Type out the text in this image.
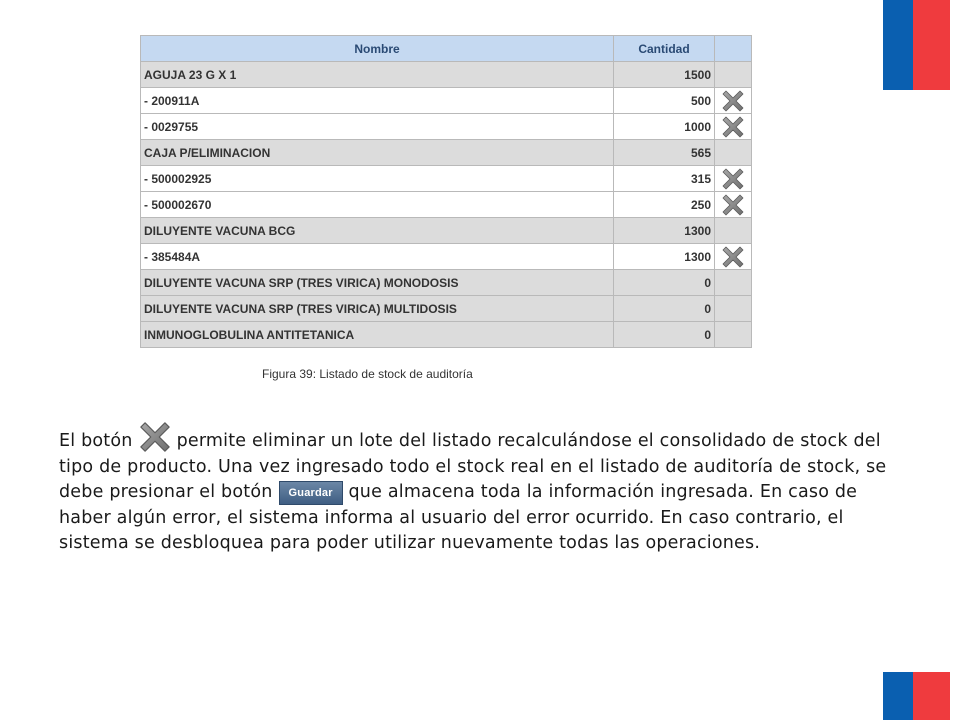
Nombre	Cantidad	
AGUJA 23 G X 1	1500	
- 200911A	500	
- 0029755	1000	
CAJA P/ELIMINACION	565	
- 500002925	315	
- 500002670	250	
DILUYENTE VACUNA BCG	1300	
- 385484A	1300	
DILUYENTE VACUNA SRP (TRES VIRICA) MONODOSIS	0	
DILUYENTE VACUNA SRP (TRES VIRICA) MULTIDOSIS	0	
INMUNOGLOBULINA ANTITETANICA	0	
Figura 39: Listado de stock de auditoría
El botón	permite eliminar un lote del listado recalculándose el consolidado de stock del tipo de producto. Una vez ingresado todo el stock real en el listado de auditoría de stock, se debe presionar el botón Guardar que almacena toda la información ingresada. En caso de haber algún error, el sistema informa al usuario del error ocurrido. En caso contrario, el sistema se desbloquea para poder utilizar nuevamente todas las operaciones.
